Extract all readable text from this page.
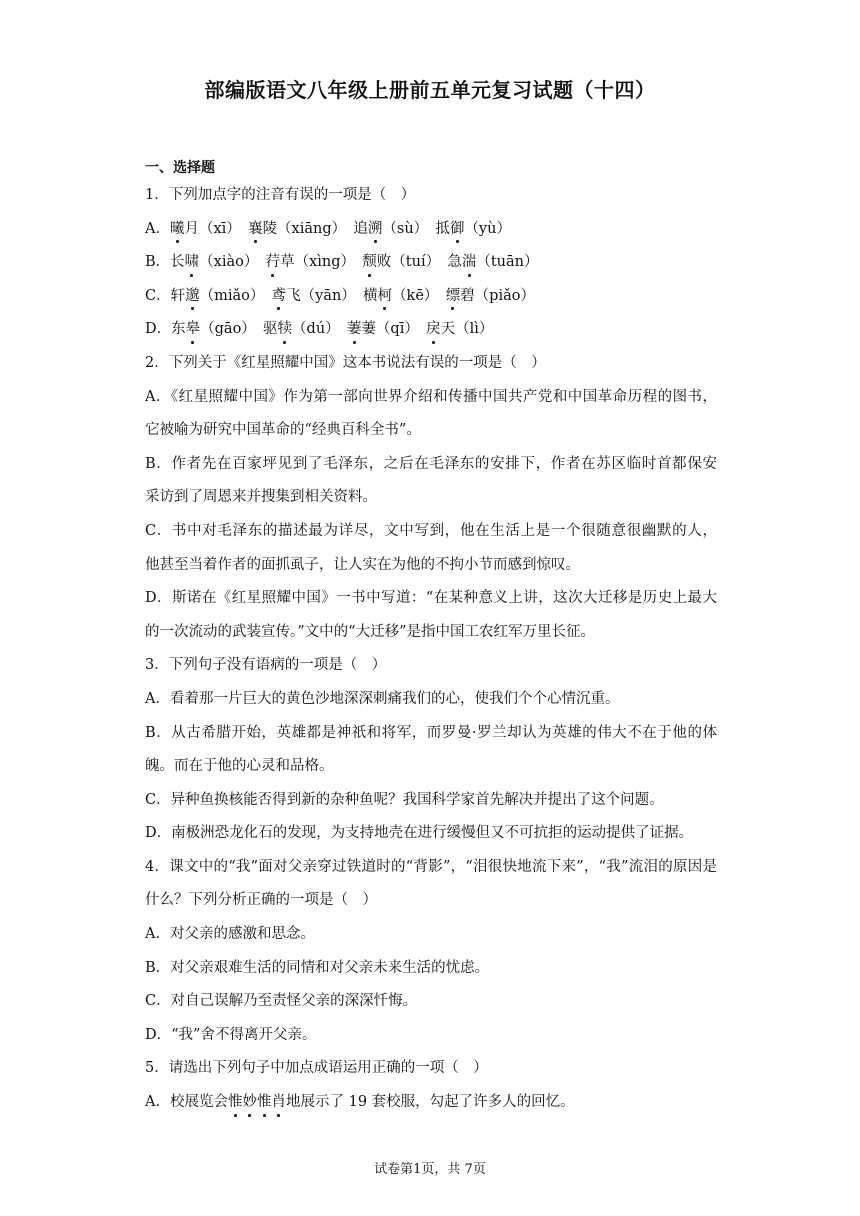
部编版语文八年级上册前五单元复习试题（十四）
一、选择题
1．下列加点字的注音有误的一项是（　）
A．曦月（xī）　襄陵（xiāng）　追溯（sù）　抵御（yù）
B．长啸（xiào）　荇草（xìng）　颓败（tuí）　急湍（tuān）
C．轩邈（miǎo）　鸢飞（yān）　横柯（kē）　缥碧（piǎo）
D．东皋（gāo）　驱犊（dú）　萋萋（qī）　戾天（lì）
2．下列关于《红星照耀中国》这本书说法有误的一项是（　）
A．《红星照耀中国》作为第一部向世界介绍和传播中国共产党和中国革命历程的图书，
它被喻为研究中国革命的“经典百科全书”。
B．作者先在百家坪见到了毛泽东，之后在毛泽东的安排下，作者在苏区临时首都保安
采访到了周恩来并搜集到相关资料。
C．书中对毛泽东的描述最为详尽，文中写到，他在生活上是一个很随意很幽默的人，
他甚至当着作者的面抓虱子，让人实在为他的不拘小节而感到惊叹。
D．斯诺在《红星照耀中国》一书中写道：“在某种意义上讲，这次大迁移是历史上最大
的一次流动的武装宣传。”文中的“大迁移”是指中国工农红军万里长征。
3．下列句子没有语病的一项是（　）
A．看着那一片巨大的黄色沙地深深刺痛我们的心，使我们个个心情沉重。
B．从古希腊开始，英雄都是神祇和将军，而罗曼·罗兰却认为英雄的伟大不在于他的体
魄。而在于他的心灵和品格。
C．异种鱼换核能否得到新的杂种鱼呢？我国科学家首先解决并提出了这个问题。
D．南极洲恐龙化石的发现，为支持地壳在进行缓慢但又不可抗拒的运动提供了证据。
4．课文中的“我”面对父亲穿过铁道时的“背影”，“泪很快地流下来”，“我”流泪的原因是
什么？下列分析正确的一项是（　）
A．对父亲的感激和思念。
B．对父亲艰难生活的同情和对父亲未来生活的忧虑。
C．对自己误解乃至责怪父亲的深深忏悔。
D．“我”舍不得离开父亲。
5．请选出下列句子中加点成语运用正确的一项（　）
A．校展览会惟妙惟肖地展示了 19 套校服，勾起了许多人的回忆。
试卷第1页，共 7页
